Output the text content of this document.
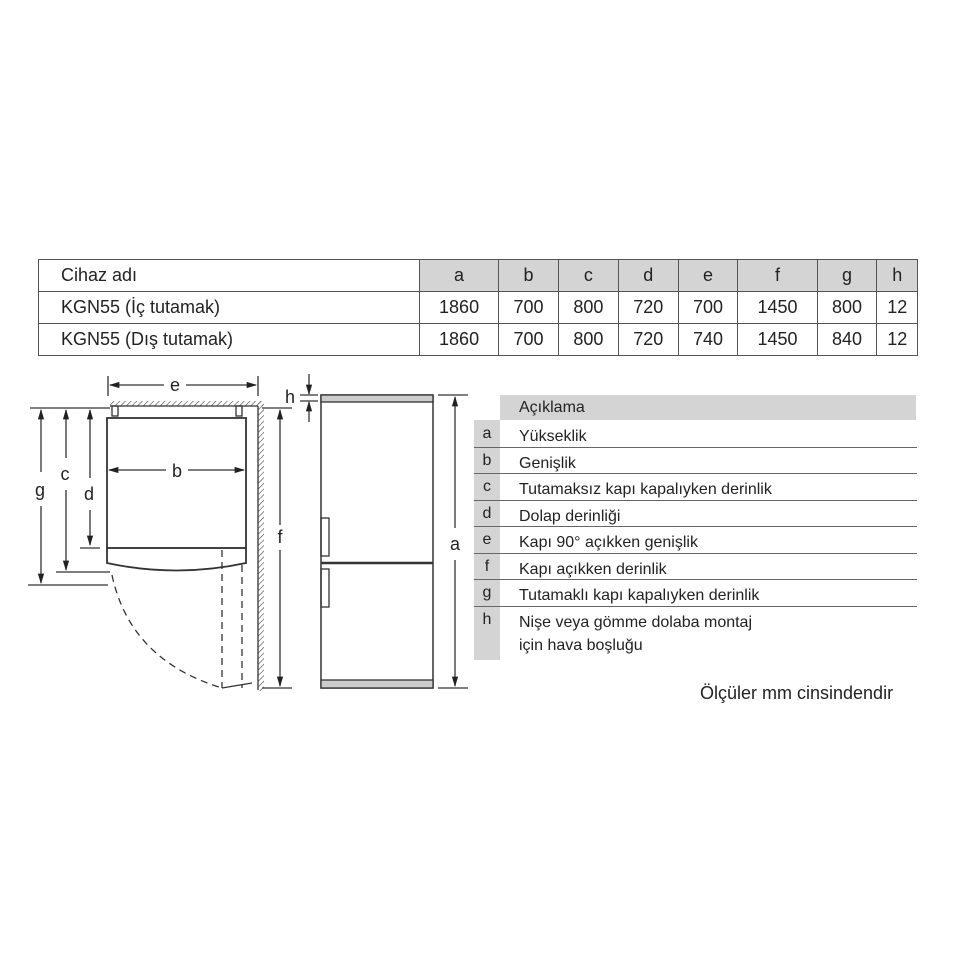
Cihaz adı	a	b	c	d	e	f	g	h
KGN55 (İç tutamak)	1860	700	800	720	700	1450	800	12
KGN55 (Dış tutamak)	1860	700	800	720	740	1450	840	12
e
b
g
c
d
f
h
a
Açıklama
a	Yükseklik
b	Genişlik
c	Tutamaksız kapı kapalıyken derinlik
d	Dolap derinliği
e	Kapı 90° açıkken genişlik
f	Kapı açıkken derinlik
g	Tutamaklı kapı kapalıyken derinlik
h	Nişe veya gömme dolaba montaj
için hava boşluğu
Ölçüler mm cinsindendir
